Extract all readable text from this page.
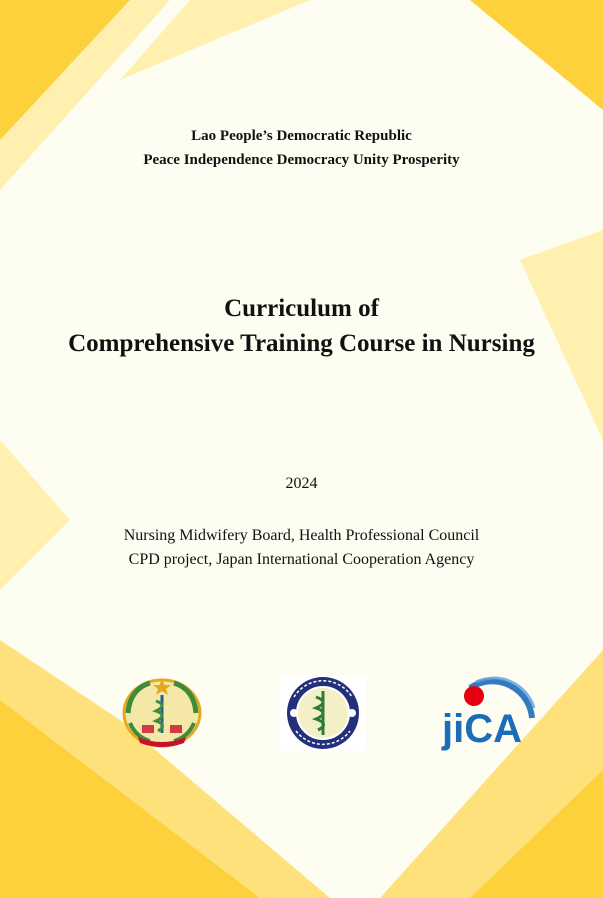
Lao People’s Democratic Republic
Peace Independence Democracy Unity Prosperity
Curriculum of
Comprehensive Training Course in Nursing
2024
Nursing Midwifery Board, Health Professional Council
CPD project, Japan International Cooperation Agency
jiCA
